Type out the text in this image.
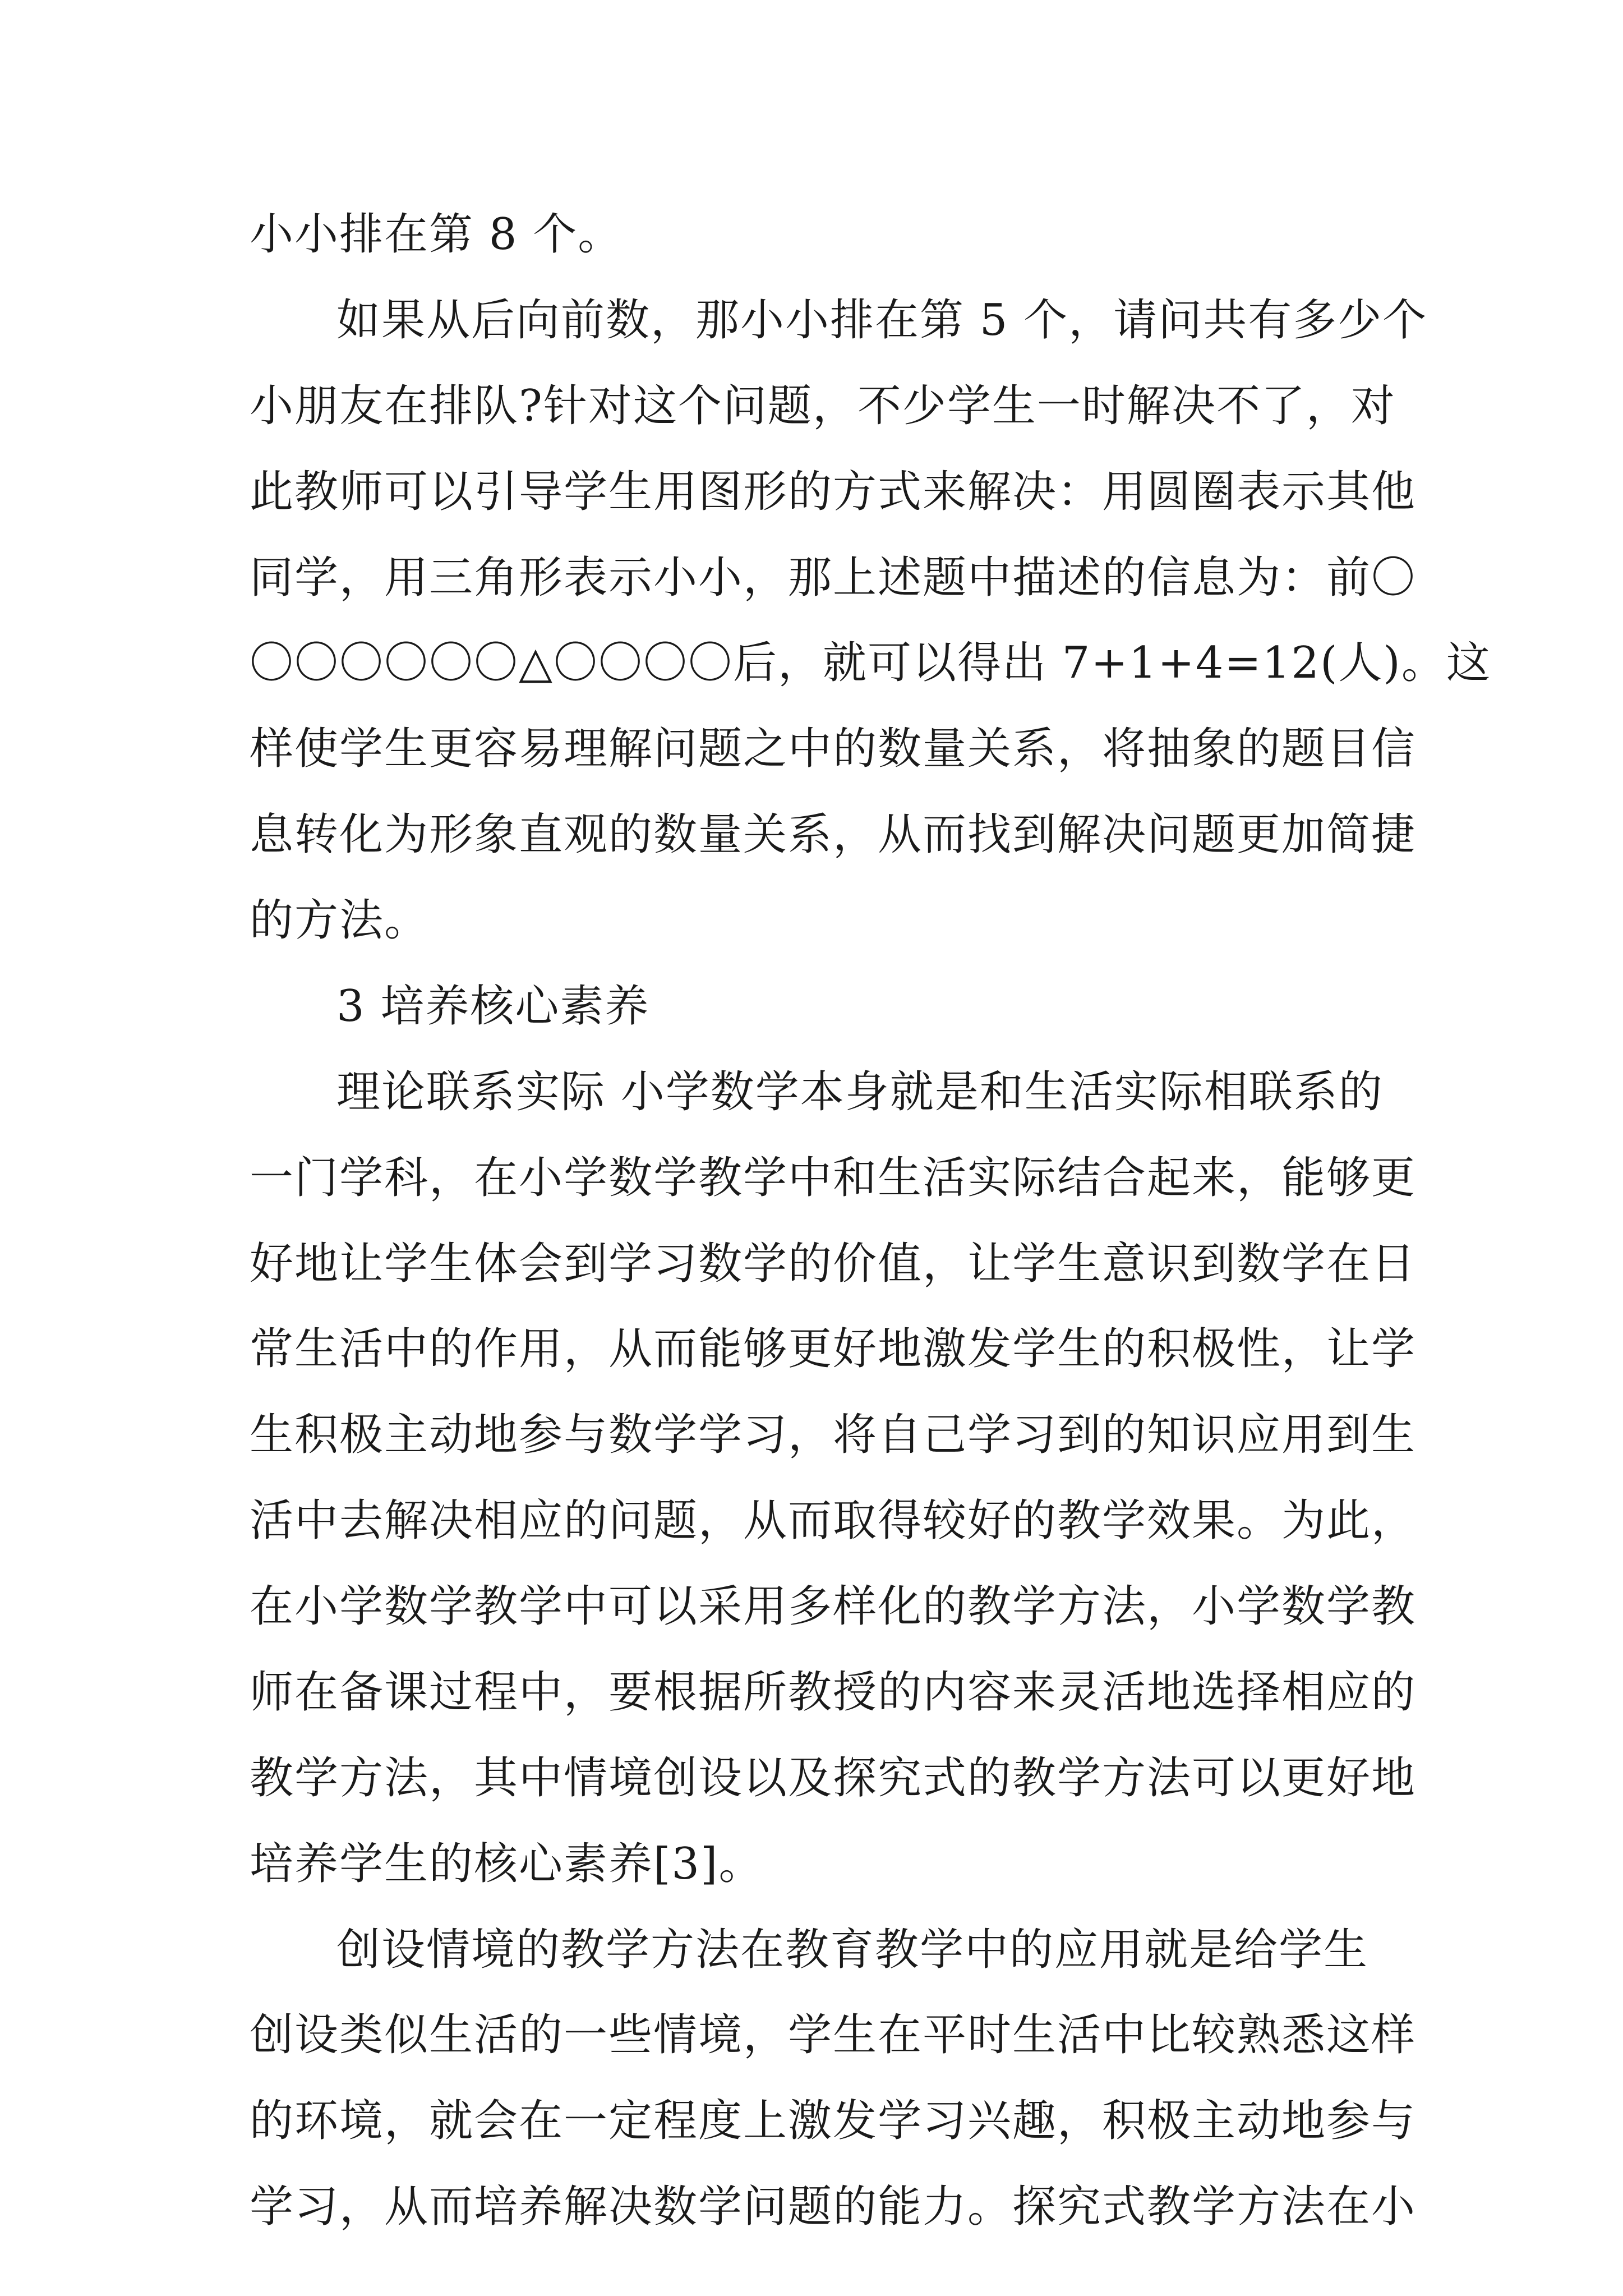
小小排在第 8 个。
如果从后向前数，那小小排在第 5 个，请问共有多少个
小朋友在排队?针对这个问题，不少学生一时解决不了，对
此教师可以引导学生用图形的方式来解决：用圆圈表示其他
同学，用三角形表示小小，那上述题中描述的信息为：前〇
〇〇〇〇〇〇△〇〇〇〇后，就可以得出 7+1+4=12(人)。这
样使学生更容易理解问题之中的数量关系，将抽象的题目信
息转化为形象直观的数量关系，从而找到解决问题更加简捷
的方法。
3 培养核心素养
理论联系实际 小学数学本身就是和生活实际相联系的
一门学科，在小学数学教学中和生活实际结合起来，能够更
好地让学生体会到学习数学的价值，让学生意识到数学在日
常生活中的作用，从而能够更好地激发学生的积极性，让学
生积极主动地参与数学学习，将自己学习到的知识应用到生
活中去解决相应的问题，从而取得较好的教学效果。为此，
在小学数学教学中可以采用多样化的教学方法，小学数学教
师在备课过程中，要根据所教授的内容来灵活地选择相应的
教学方法，其中情境创设以及探究式的教学方法可以更好地
培养学生的核心素养[3]。
创设情境的教学方法在教育教学中的应用就是给学生
创设类似生活的一些情境，学生在平时生活中比较熟悉这样
的环境，就会在一定程度上激发学习兴趣，积极主动地参与
学习，从而培养解决数学问题的能力。探究式教学方法在小
